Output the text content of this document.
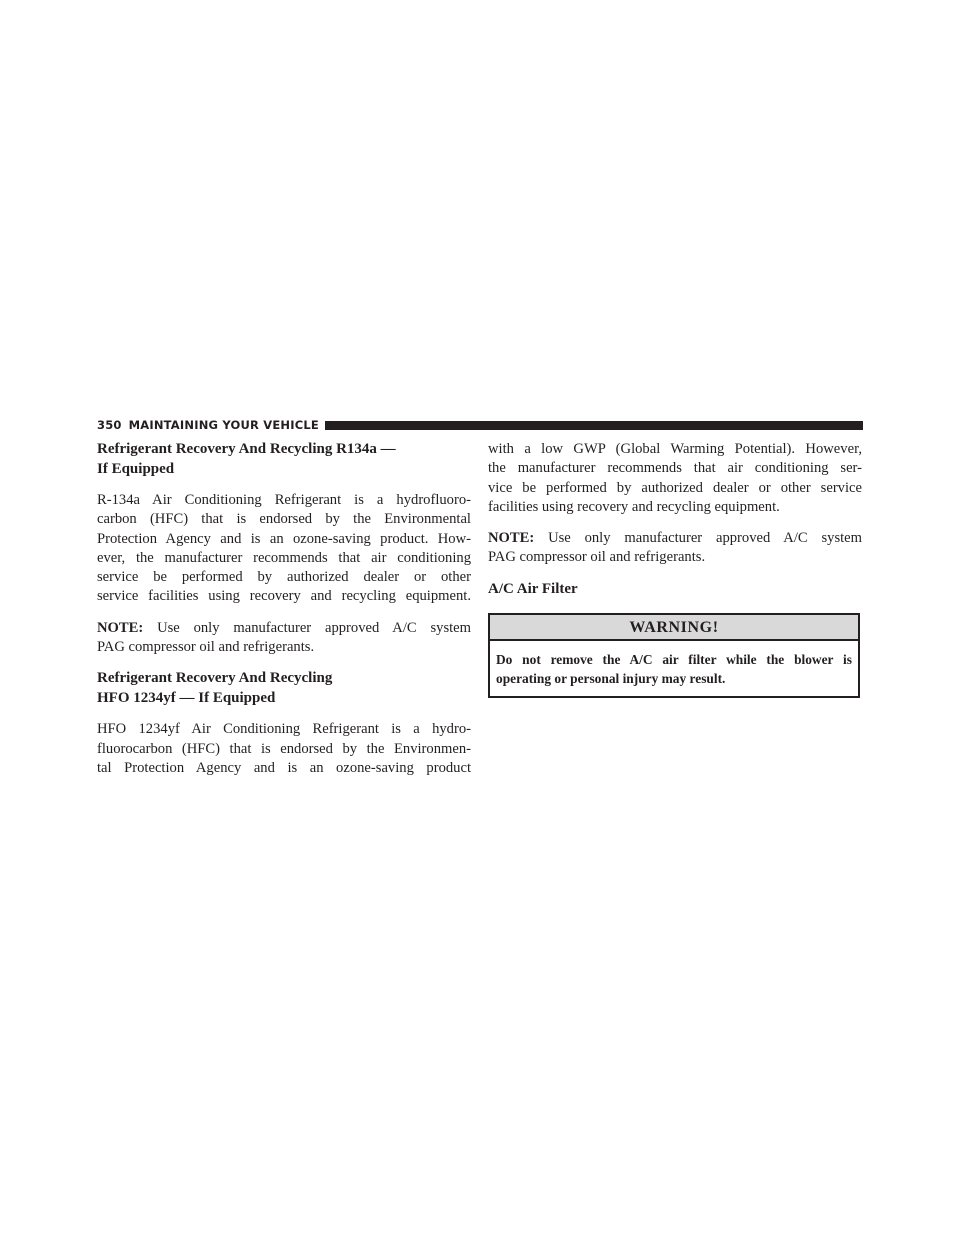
350 MAINTAINING YOUR VEHICLE
Refrigerant Recovery And Recycling R134a —
If Equipped

R-134a Air Conditioning Refrigerant is a hydrofluoro-
carbon (HFC) that is endorsed by the Environmental
Protection Agency and is an ozone-saving product. How-
ever, the manufacturer recommends that air conditioning
service be performed by authorized dealer or other
service facilities using recovery and recycling equipment.

NOTE: Use only manufacturer approved A/C system
PAG compressor oil and refrigerants.

Refrigerant Recovery And Recycling
HFO 1234yf — If Equipped

HFO 1234yf Air Conditioning Refrigerant is a hydro-
fluorocarbon (HFC) that is endorsed by the Environmen-
tal Protection Agency and is an ozone-saving product

with a low GWP (Global Warming Potential). However,
the manufacturer recommends that air conditioning ser-
vice be performed by authorized dealer or other service
facilities using recovery and recycling equipment.

NOTE: Use only manufacturer approved A/C system
PAG compressor oil and refrigerants.

A/C Air Filter
WARNING!
Do not remove the A/C air filter while the blower is
operating or personal injury may result.
